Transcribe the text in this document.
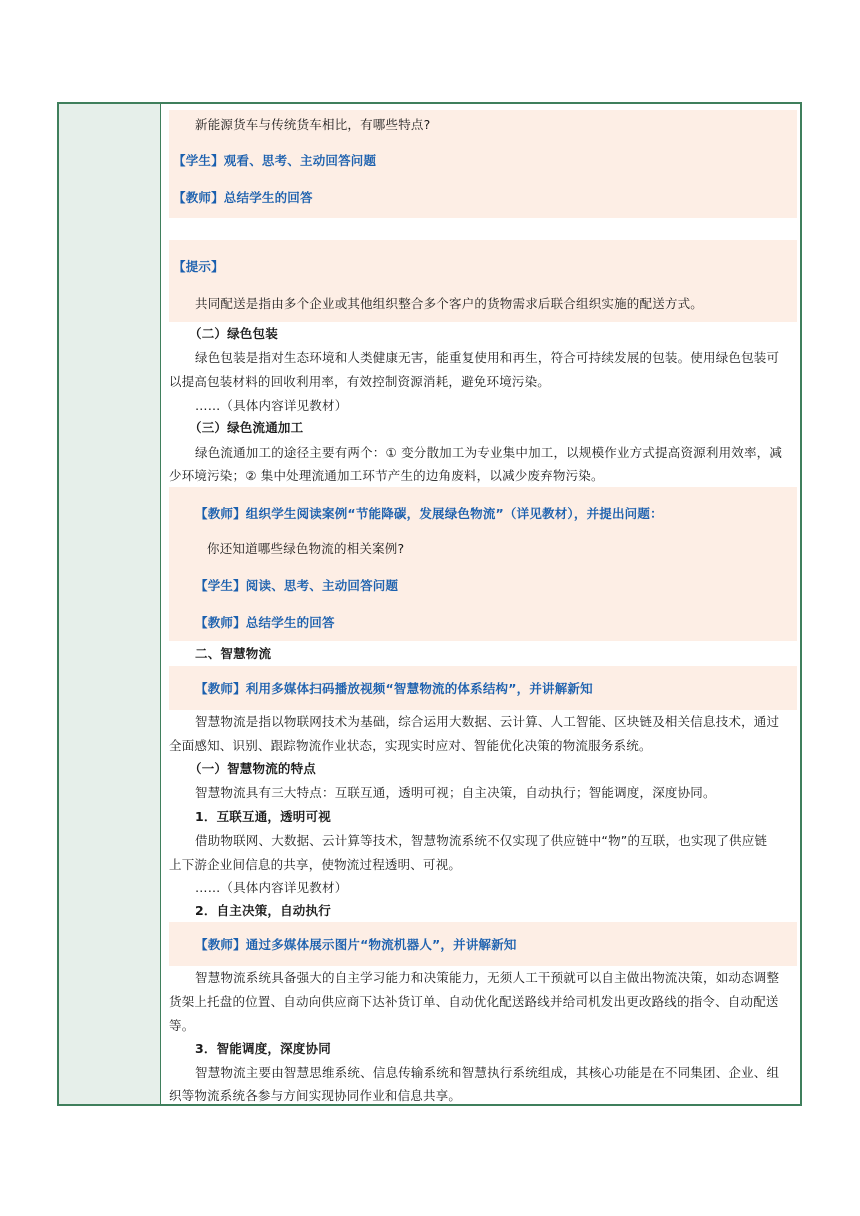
新能源货车与传统货车相比，有哪些特点?
【学生】观看、思考、主动回答问题
【教师】总结学生的回答
【提示】
共同配送是指由多个企业或其他组织整合多个客户的货物需求后联合组织实施的配送方式。
（二）绿色包装
绿色包装是指对生态环境和人类健康无害，能重复使用和再生，符合可持续发展的包装。使用绿色包装可
以提高包装材料的回收利用率，有效控制资源消耗，避免环境污染。
……（具体内容详见教材）
（三）绿色流通加工
绿色流通加工的途径主要有两个：① 变分散加工为专业集中加工，以规模作业方式提高资源利用效率，减
少环境污染；② 集中处理流通加工环节产生的边角废料，以减少废弃物污染。
【教师】组织学生阅读案例“节能降碳，发展绿色物流”（详见教材），并提出问题：
你还知道哪些绿色物流的相关案例?
【学生】阅读、思考、主动回答问题
【教师】总结学生的回答
二、智慧物流
【教师】利用多媒体扫码播放视频“智慧物流的体系结构”，并讲解新知
智慧物流是指以物联网技术为基础，综合运用大数据、云计算、人工智能、区块链及相关信息技术，通过
全面感知、识别、跟踪物流作业状态，实现实时应对、智能优化决策的物流服务系统。
（一）智慧物流的特点
智慧物流具有三大特点：互联互通，透明可视；自主决策，自动执行；智能调度，深度协同。
1．互联互通，透明可视
借助物联网、大数据、云计算等技术，智慧物流系统不仅实现了供应链中“物”的互联，也实现了供应链
上下游企业间信息的共享，使物流过程透明、可视。
……（具体内容详见教材）
2．自主决策，自动执行
【教师】通过多媒体展示图片“物流机器人”，并讲解新知
智慧物流系统具备强大的自主学习能力和决策能力，无须人工干预就可以自主做出物流决策，如动态调整
货架上托盘的位置、自动向供应商下达补货订单、自动优化配送路线并给司机发出更改路线的指令、自动配送
等。
3．智能调度，深度协同
智慧物流主要由智慧思维系统、信息传输系统和智慧执行系统组成，其核心功能是在不同集团、企业、组
织等物流系统各参与方间实现协同作业和信息共享。
